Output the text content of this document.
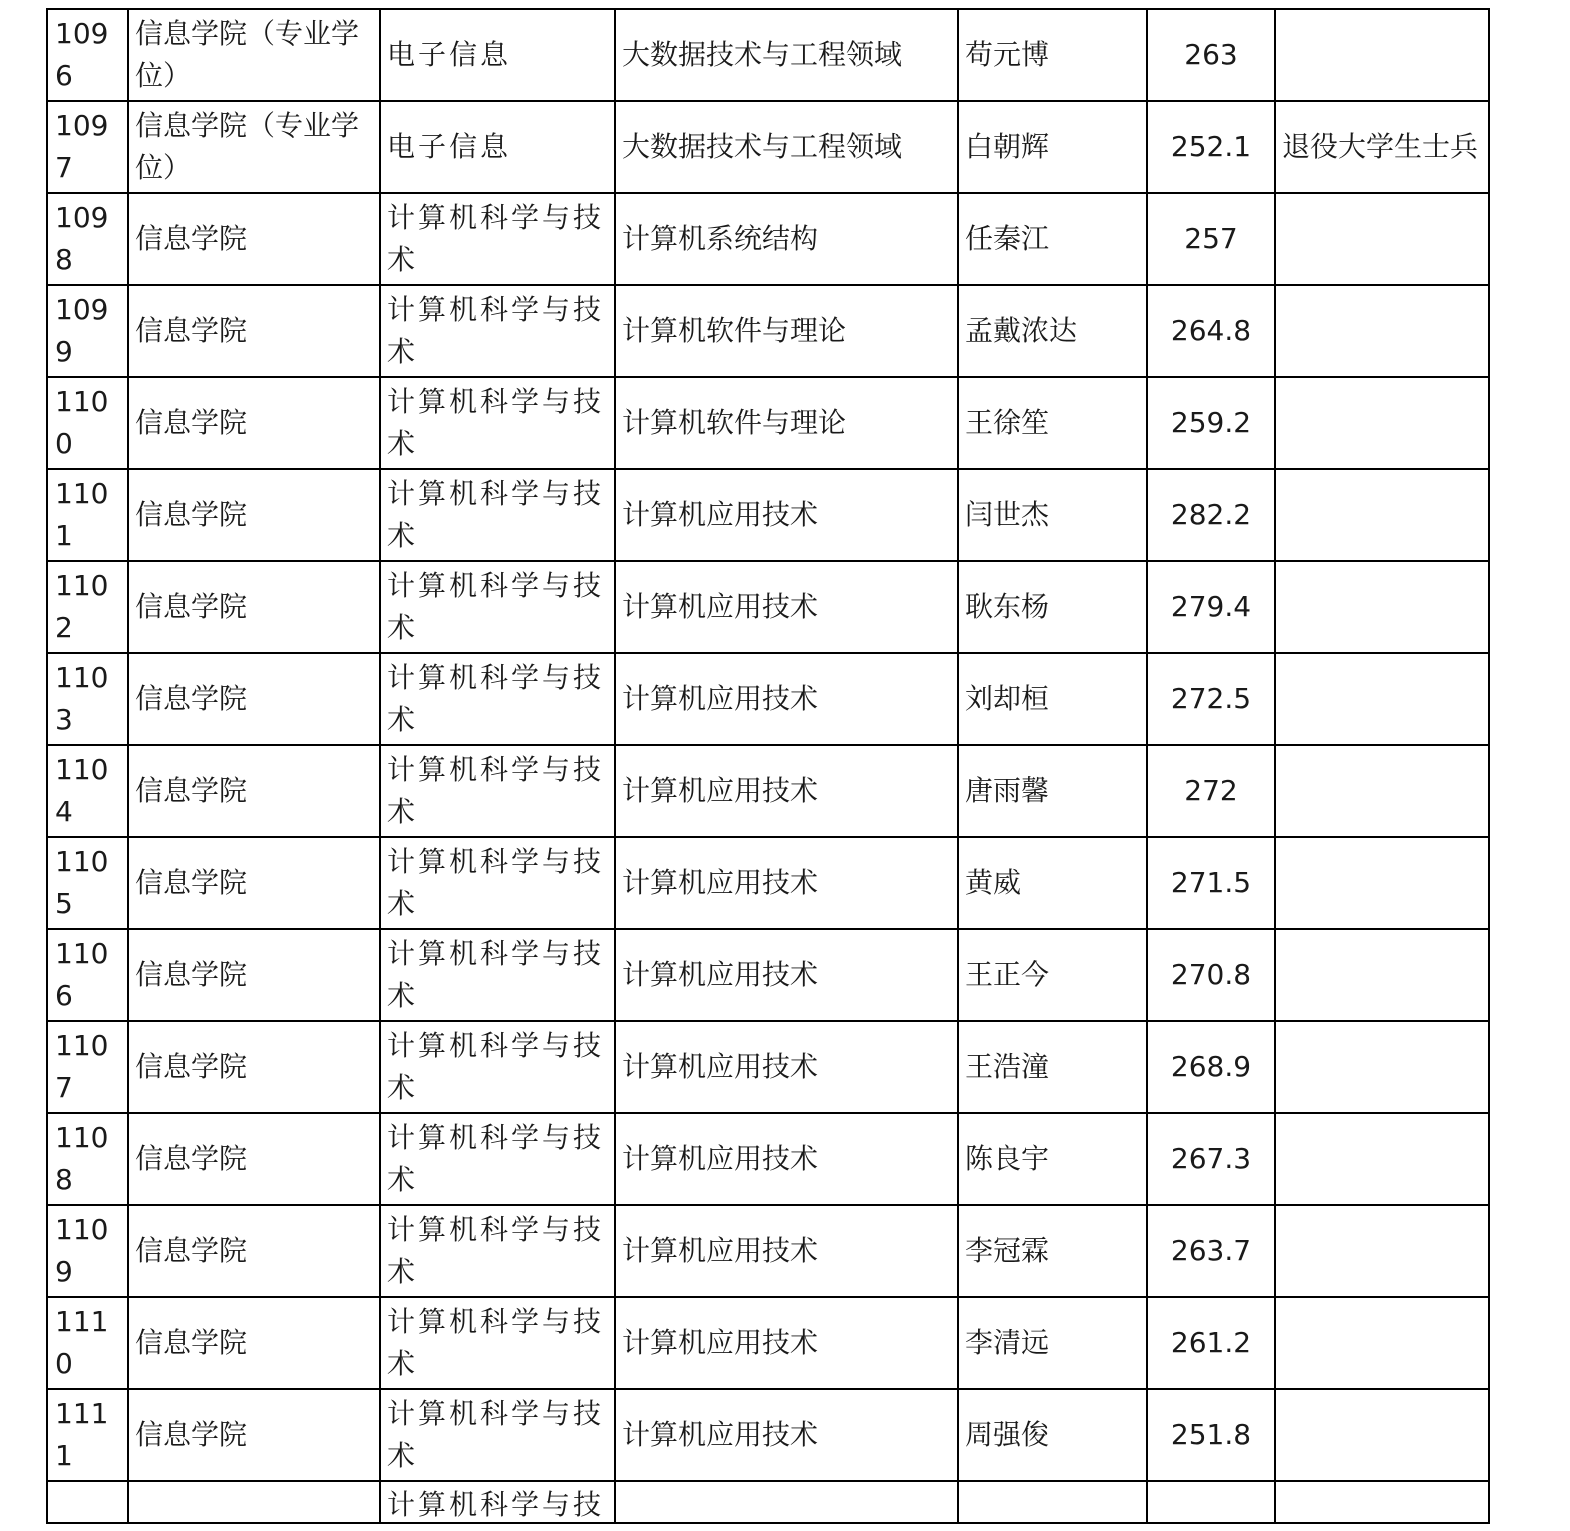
1096	信息学院（专业学位）	电子信息	大数据技术与工程领域	苟元博	263	
1097	信息学院（专业学位）	电子信息	大数据技术与工程领域	白朝辉	252.1	退役大学生士兵
1098	信息学院	计算机科学与技术	计算机系统结构	任秦江	257	
1099	信息学院	计算机科学与技术	计算机软件与理论	孟戴浓达	264.8	
1100	信息学院	计算机科学与技术	计算机软件与理论	王徐笙	259.2	
1101	信息学院	计算机科学与技术	计算机应用技术	闫世杰	282.2	
1102	信息学院	计算机科学与技术	计算机应用技术	耿东杨	279.4	
1103	信息学院	计算机科学与技术	计算机应用技术	刘却桓	272.5	
1104	信息学院	计算机科学与技术	计算机应用技术	唐雨馨	272	
1105	信息学院	计算机科学与技术	计算机应用技术	黄威	271.5	
1106	信息学院	计算机科学与技术	计算机应用技术	王正今	270.8	
1107	信息学院	计算机科学与技术	计算机应用技术	王浩潼	268.9	
1108	信息学院	计算机科学与技术	计算机应用技术	陈良宇	267.3	
1109	信息学院	计算机科学与技术	计算机应用技术	李冠霖	263.7	
1110	信息学院	计算机科学与技术	计算机应用技术	李清远	261.2	
1111	信息学院	计算机科学与技术	计算机应用技术	周强俊	251.8	

		计算机科学与技				
